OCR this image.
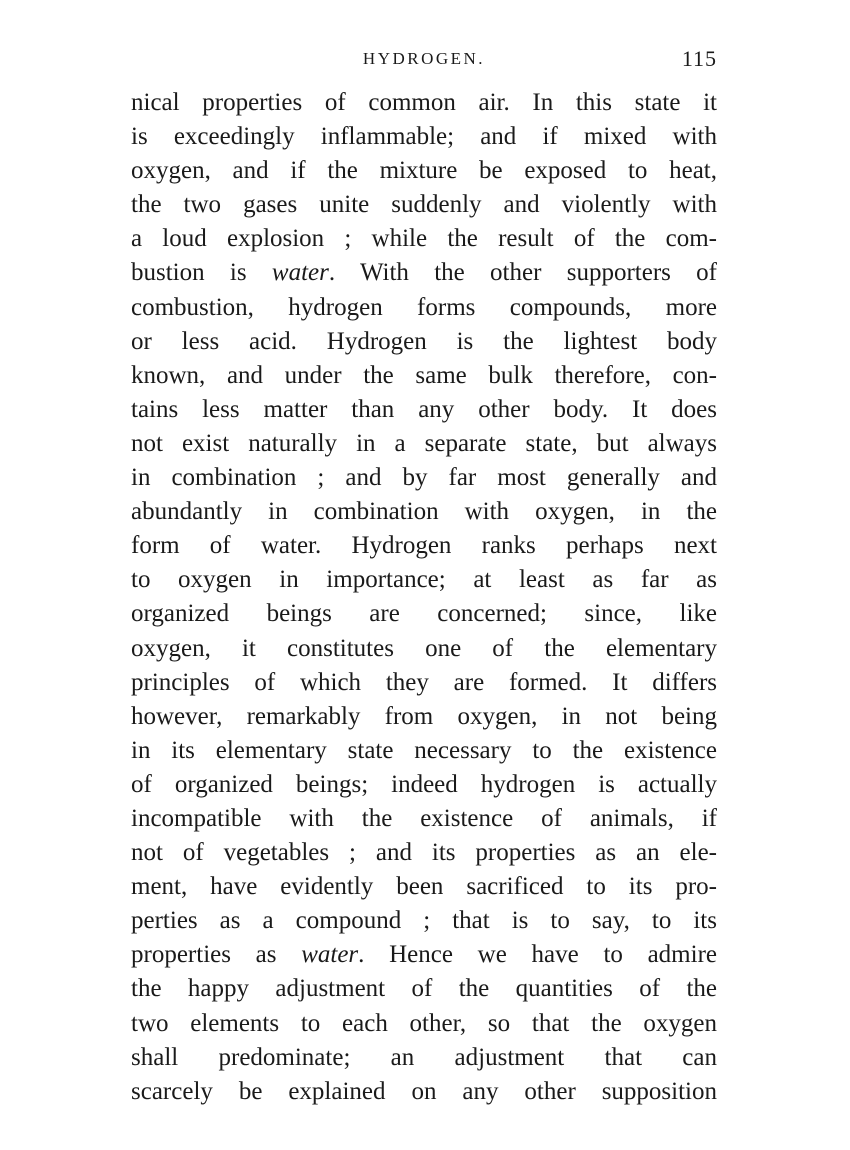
HYDROGEN.	115
nical properties of common air. In this state it
is exceedingly inflammable; and if mixed with
oxygen, and if the mixture be exposed to heat,
the two gases unite suddenly and violently with
a loud explosion ; while the result of the com-
bustion is water. With the other supporters of
combustion, hydrogen forms compounds, more
or less acid. Hydrogen is the lightest body
known, and under the same bulk therefore, con-
tains less matter than any other body. It does
not exist naturally in a separate state, but always
in combination ; and by far most generally and
abundantly in combination with oxygen, in the
form of water. Hydrogen ranks perhaps next
to oxygen in importance; at least as far as
organized beings are concerned; since, like
oxygen, it constitutes one of the elementary
principles of which they are formed. It differs
however, remarkably from oxygen, in not being
in its elementary state necessary to the existence
of organized beings; indeed hydrogen is actually
incompatible with the existence of animals, if
not of vegetables ; and its properties as an ele-
ment, have evidently been sacrificed to its pro-
perties as a compound ; that is to say, to its
properties as water. Hence we have to admire
the happy adjustment of the quantities of the
two elements to each other, so that the oxygen
shall predominate; an adjustment that can
scarcely be explained on any other supposition
